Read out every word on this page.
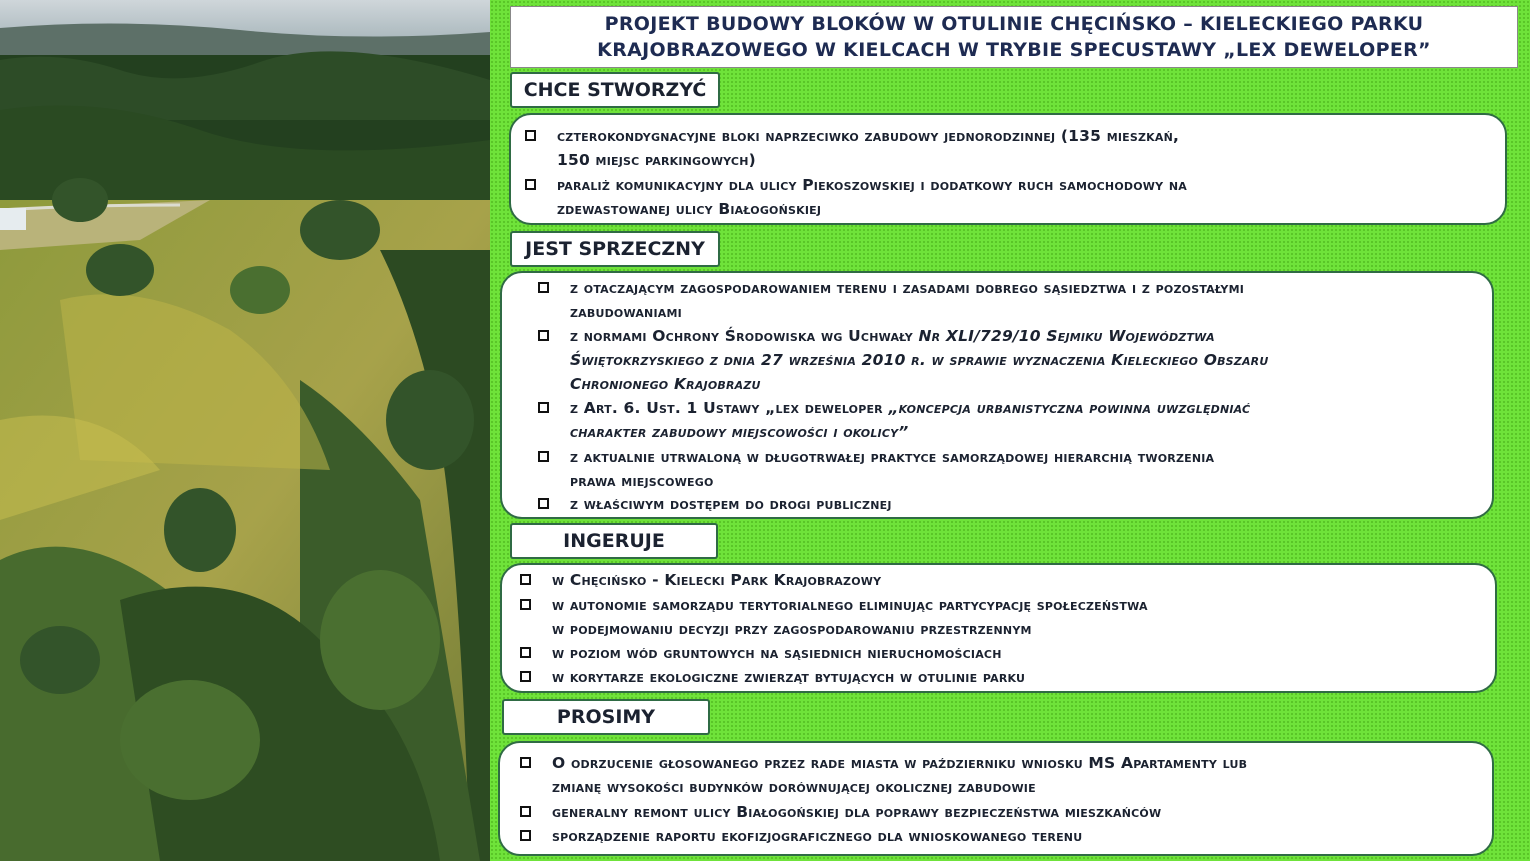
PROJEKT BUDOWY BLOKÓW W OTULINIE CHĘCIŃSKO – KIELECKIEGO PARKU
KRAJOBRAZOWEGO W KIELCACH W TRYBIE SPECUSTAWY „LEX DEWELOPER”
CHCE STWORZYĆ
czterokondygnacyjne bloki naprzeciwko zabudowy jednorodzinnej (135 mieszkań,
150 miejsc parkingowych)
paraliż komunikacyjny dla ulicy Piekoszowskiej i dodatkowy ruch samochodowy na
zdewastowanej ulicy Białogońskiej
JEST SPRZECZNY
z otaczającym zagospodarowaniem terenu i zasadami dobrego sąsiedztwa i z pozostałymi
zabudowaniami
z normami Ochrony Środowiska wg Uchwały Nr XLI/729/10 Sejmiku Województwa
Świętokrzyskiego z dnia 27 września 2010 r. w sprawie wyznaczenia Kieleckiego Obszaru
Chronionego Krajobrazu
z Art. 6. Ust. 1 Ustawy „lex deweloper „koncepcja urbanistyczna powinna uwzględniać
charakter zabudowy miejscowości i okolicy”
z aktualnie utrwaloną w długotrwałej praktyce samorządowej hierarchią tworzenia
prawa miejscowego
z właściwym dostępem do drogi publicznej
INGERUJE
w Chęcińsko - Kielecki Park Krajobrazowy
w autonomie samorządu terytorialnego eliminując partycypację społeczeństwa
w podejmowaniu decyzji przy zagospodarowaniu przestrzennym
w poziom wód gruntowych na sąsiednich nieruchomościach
w korytarze ekologiczne zwierząt bytujących w otulinie parku
PROSIMY
O odrzucenie głosowanego przez rade miasta w październiku wniosku MS Apartamenty lub
zmianę wysokości budynków dorównującej okolicznej zabudowie
generalny remont ulicy Białogońskiej dla poprawy bezpieczeństwa mieszkańców
sporządzenie raportu ekofizjograficznego dla wnioskowanego terenu
